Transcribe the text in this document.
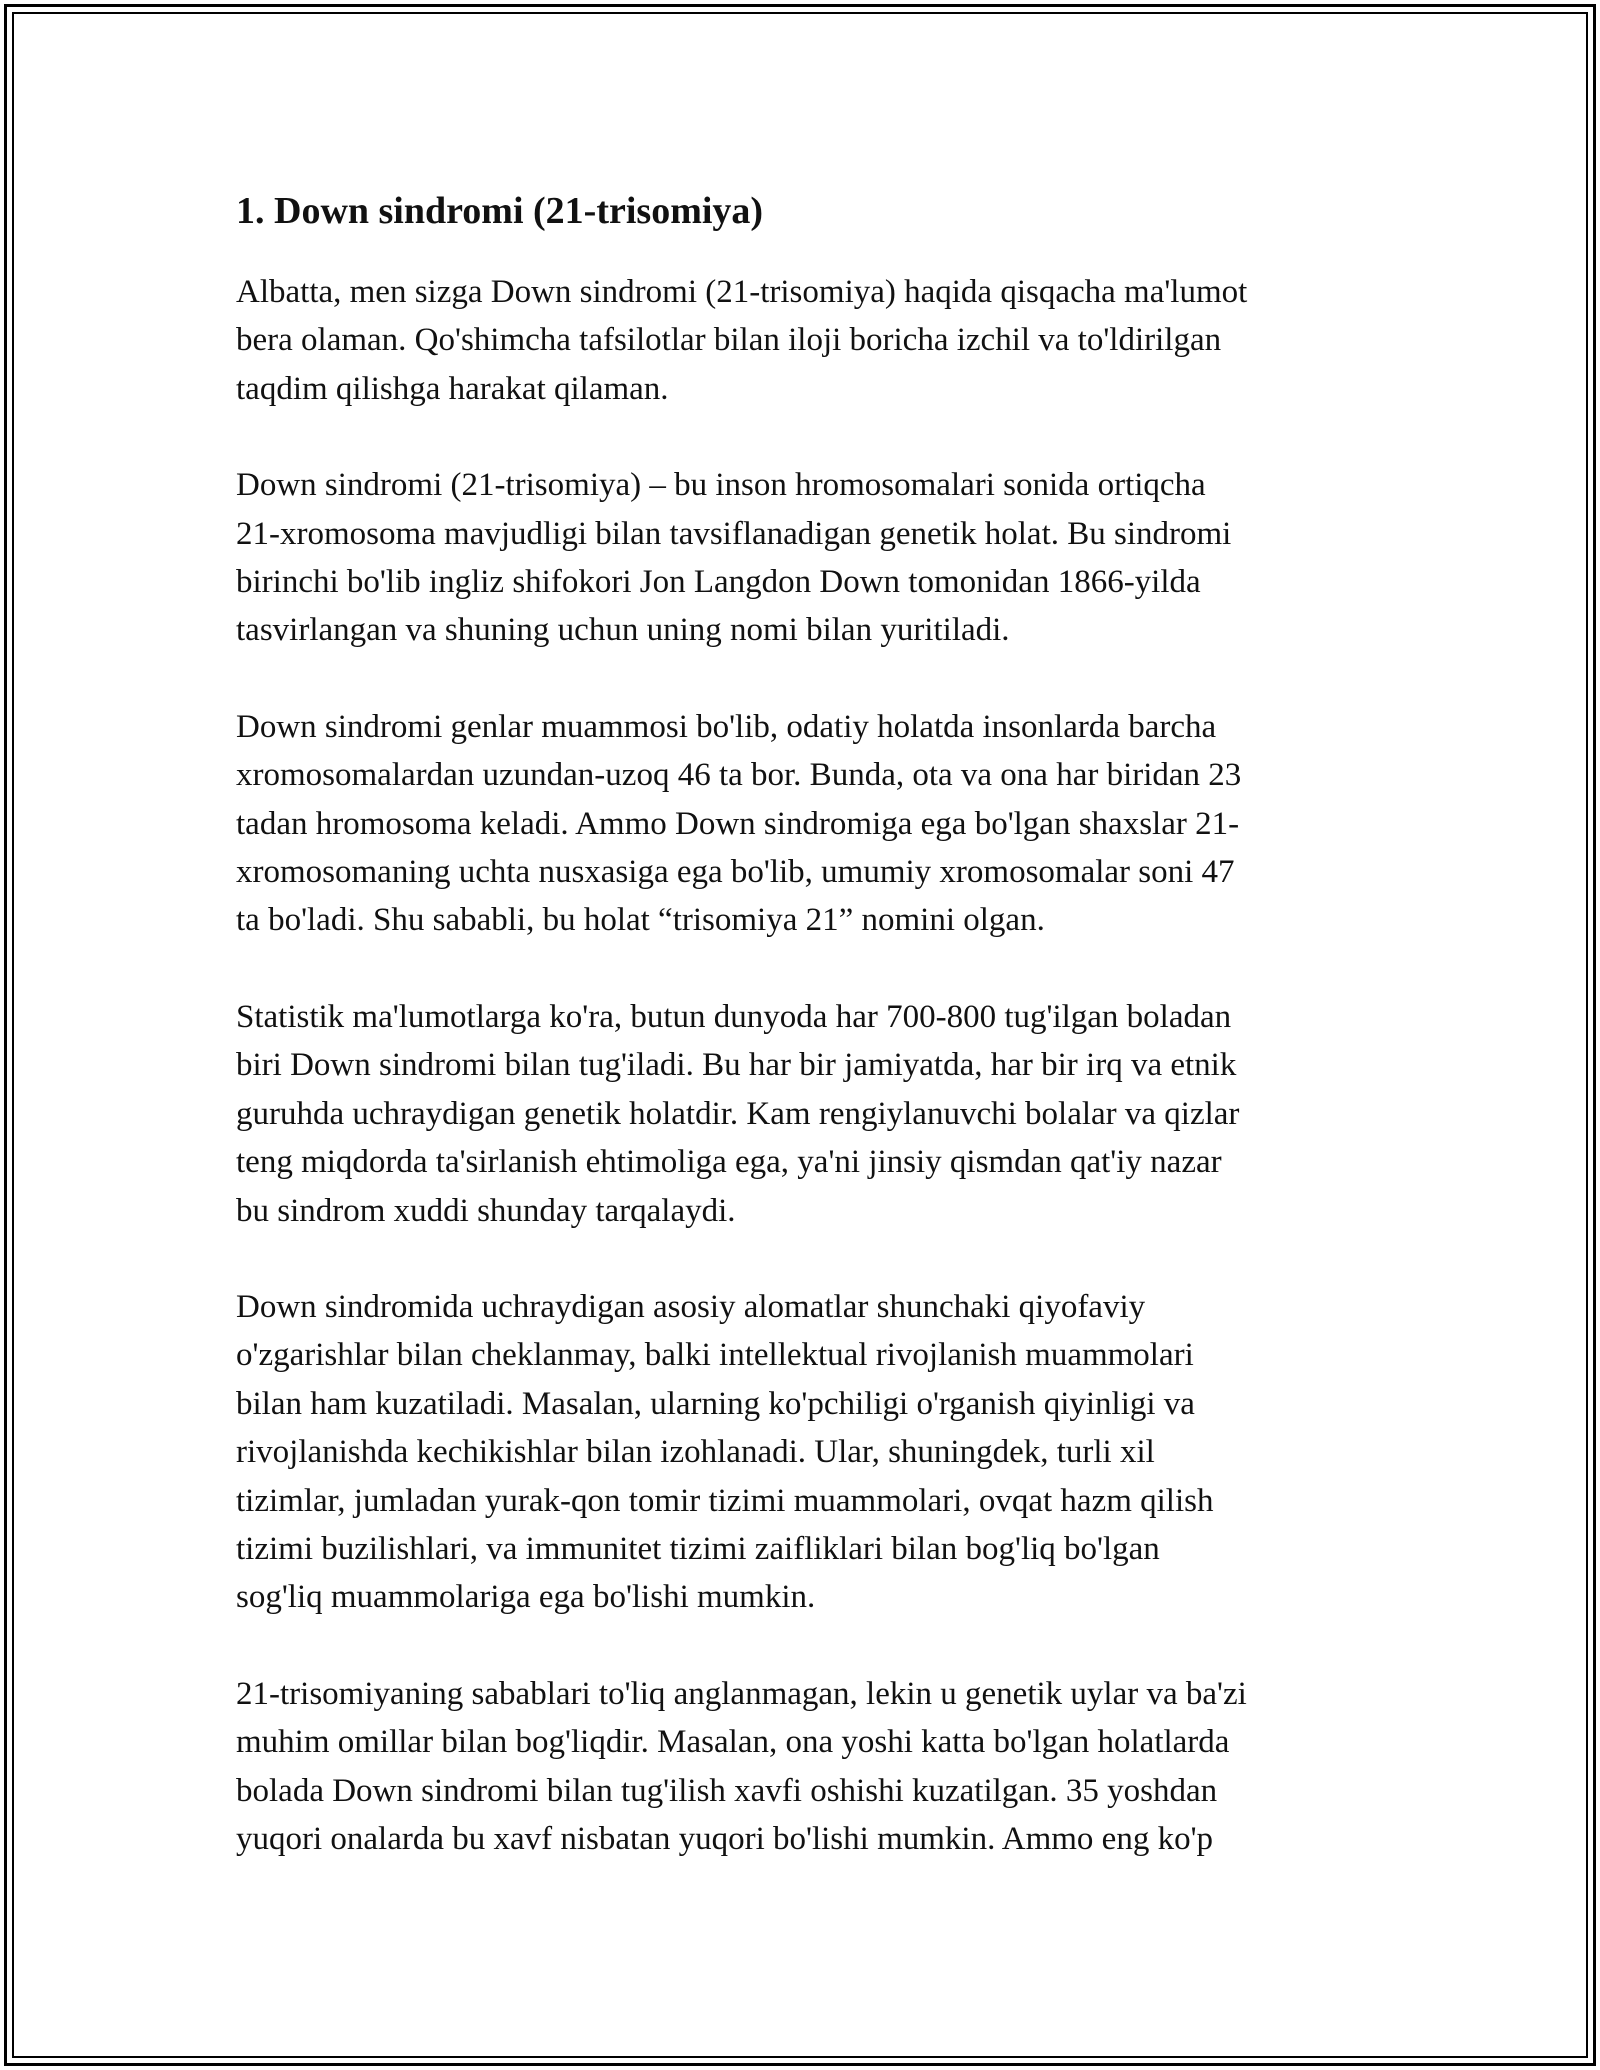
1. Down sindromi (21-trisomiya)

Albatta, men sizga Down sindromi (21-trisomiya) haqida qisqacha ma'lumot
bera olaman. Qo'shimcha tafsilotlar bilan iloji boricha izchil va to'ldirilgan
taqdim qilishga harakat qilaman.

Down sindromi (21-trisomiya) – bu inson hromosomalari sonida ortiqcha
21-xromosoma mavjudligi bilan tavsiflanadigan genetik holat. Bu sindromi
birinchi bo'lib ingliz shifokori Jon Langdon Down tomonidan 1866-yilda
tasvirlangan va shuning uchun uning nomi bilan yuritiladi.

Down sindromi genlar muammosi bo'lib, odatiy holatda insonlarda barcha
xromosomalardan uzundan-uzoq 46 ta bor. Bunda, ota va ona har biridan 23
tadan hromosoma keladi. Ammo Down sindromiga ega bo'lgan shaxslar 21-
xromosomaning uchta nusxasiga ega bo'lib, umumiy xromosomalar soni 47
ta bo'ladi. Shu sababli, bu holat “trisomiya 21” nomini olgan.

Statistik ma'lumotlarga ko'ra, butun dunyoda har 700-800 tug'ilgan boladan
biri Down sindromi bilan tug'iladi. Bu har bir jamiyatda, har bir irq va etnik
guruhda uchraydigan genetik holatdir. Kam rengiylanuvchi bolalar va qizlar
teng miqdorda ta'sirlanish ehtimoliga ega, ya'ni jinsiy qismdan qat'iy nazar
bu sindrom xuddi shunday tarqalaydi.

Down sindromida uchraydigan asosiy alomatlar shunchaki qiyofaviy
o'zgarishlar bilan cheklanmay, balki intellektual rivojlanish muammolari
bilan ham kuzatiladi. Masalan, ularning ko'pchiligi o'rganish qiyinligi va
rivojlanishda kechikishlar bilan izohlanadi. Ular, shuningdek, turli xil
tizimlar, jumladan yurak-qon tomir tizimi muammolari, ovqat hazm qilish
tizimi buzilishlari, va immunitet tizimi zaifliklari bilan bog'liq bo'lgan
sog'liq muammolariga ega bo'lishi mumkin.

21-trisomiyaning sabablari to'liq anglanmagan, lekin u genetik uylar va ba'zi
muhim omillar bilan bog'liqdir. Masalan, ona yoshi katta bo'lgan holatlarda
bolada Down sindromi bilan tug'ilish xavfi oshishi kuzatilgan. 35 yoshdan
yuqori onalarda bu xavf nisbatan yuqori bo'lishi mumkin. Ammo eng ko'p
